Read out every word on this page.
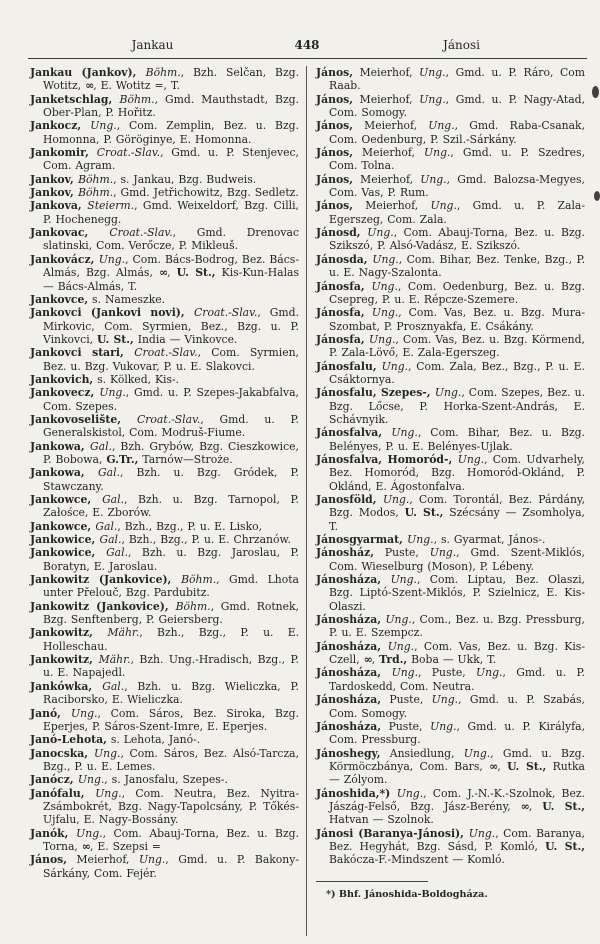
Jankau	448	Jánosi

Jankau (Jankov), Böhm., Bzh. Selčan, Bzg. Wotitz, ∞, E. Wotitz =, T.

Janketschlag, Böhm., Gmd. Mauthstadt, Bzg. Ober-Plan, P. Hořitz.

Jankocz, Ung., Com. Zemplin, Bez. u. Bzg. Homonna, P. Göröginye, E. Homonna.

Jankomir, Croat.-Slav., Gmd. u. P. Stenjevec, Com. Agram.

Jankov, Böhm., s. Jankau, Bzg. Budweis.

Jankov, Böhm., Gmd. Jetřichowitz, Bzg. Sedletz.

Jankova, Steierm., Gmd. Weixeldorf, Bzg. Cilli, P. Hochenegg.

Jankovac, Croat.-Slav., Gmd. Drenovac slatinski, Com. Verőcze, P. Mikleuš.

Jankovácz, Ung., Com. Bács-Bodrog, Bez. Bács-Almás, Bzg. Almás, ∞, U. St., Kis-Kun-Halas — Bács-Almás, T.

Jankovce, s. Nameszke.

Jankovci (Jankovi novi), Croat.-Slav., Gmd. Mirkovic, Com. Syrmien, Bez., Bzg. u. P. Vinkovci, U. St., India — Vinkovce.

Jankovci stari, Croat.-Slav., Com. Syrmien, Bez. u. Bzg. Vukovar, P. u. E. Slakovci.

Jankovich, s. Kölked, Kis-.

Jankovecz, Ung., Gmd. u. P. Szepes-Jakabfalva, Com. Szepes.

Jankovoselište, Croat.-Slav., Gmd. u. P. Generalskistol, Com. Modruš-Fiume.

Jankowa, Gal., Bzh. Grybów, Bzg. Cieszkowice, P. Bobowa, G.Tr., Tarnów—Stroże.

Jankowa, Gal., Bzh. u. Bzg. Gródek, P. Stawczany.

Jankowce, Gal., Bzh. u. Bzg. Tarnopol, P. Załośce, E. Zborów.

Jankowce, Gal., Bzh., Bzg., P. u. E. Lisko,

Jankowice, Gal., Bzh., Bzg., P. u. E. Chrzanów.

Jankowice, Gal., Bzh. u. Bzg. Jaroslau, P. Boratyn, E. Jaroslau.

Jankowitz (Jankovice), Böhm., Gmd. Lhota unter Přelouč, Bzg. Pardubitz.

Jankowitz (Jankovice), Böhm., Gmd. Rotnek, Bzg. Senftenberg, P. Geiersberg.

Jankowitz, Mähr., Bzh., Bzg., P. u. E. Holleschau.

Jankowitz, Mähr., Bzh. Ung.-Hradisch, Bzg., P. u. E. Napajedl.

Jankówka, Gal., Bzh. u. Bzg. Wieliczka, P. Raciborsko, E. Wieliczka.

Janó, Ung., Com. Sáros, Bez. Siroka, Bzg. Eperjes, P. Sáros-Szent-Imre, E. Eperjes.

Janó-Lehota, s. Lehota, Janó-.

Janocska, Ung., Com. Sáros, Bez. Alsó-Tarcza, Bzg., P. u. E. Lemes.

Janócz, Ung., s. Janosfalu, Szepes-.

Janófalu, Ung., Com. Neutra, Bez. Nyitra-Zsámbokrét, Bzg. Nagy-Tapolcsány, P. Tőkés-Ujfalu, E. Nagy-Bossány.

Janók, Ung., Com. Abauj-Torna, Bez. u. Bzg. Torna, ∞, E. Szepsi =

János, Meierhof, Ung., Gmd. u. P. Bakony-Sárkány, Com. Fejér.

János, Meierhof, Ung., Gmd. u. P. Ráro, Com Raab.

János, Meierhof, Ung., Gmd. u. P. Nagy-Atad, Com. Somogy.

János, Meierhof, Ung., Gmd. Raba-Csanak, Com. Oedenburg, P. Szil.-Sárkány.

János, Meierhof, Ung., Gmd. u. P. Szedres, Com. Tolna.

János, Meierhof, Ung., Gmd. Balozsa-Megyes, Com. Vas, P. Rum.

János, Meierhof, Ung., Gmd. u. P. Zala-Egerszeg, Com. Zala.

Jánosd, Ung., Com. Abauj-Torna, Bez. u. Bzg. Szikszó, P. Alsó-Vadász, E. Szikszó.

Jánosda, Ung., Com. Bihar, Bez. Tenke, Bzg., P. u. E. Nagy-Szalonta.

Jánosfa, Ung., Com. Oedenburg, Bez. u. Bzg. Csepreg, P. u. E. Répcze-Szemere.

Jánosfa, Ung., Com. Vas, Bez. u. Bzg. Mura-Szombat, P. Prosznyakfa, E. Csákány.

Jánosfa, Ung., Com. Vas, Bez. u. Bzg. Körmend, P. Zala-Lövő, E. Zala-Egerszeg.

Jánosfalu, Ung., Com. Zala, Bez., Bzg., P. u. E. Csáktornya.

Jánosfalu, Szepes-, Ung., Com. Szepes, Bez. u. Bzg. Lőcse, P. Horka-Szent-András, E. Schávnyik.

Jánosfalva, Ung., Com. Bihar, Bez. u. Bzg. Belényes, P. u. E. Belényes-Ujlak.

Jánosfalva, Homoród-, Ung., Com. Udvarhely, Bez. Homoród, Bzg. Homoród-Oklánd, P. Oklánd, E. Ágostonfalva.

Janosföld, Ung., Com. Torontál, Bez. Párdány, Bzg. Modos, U. St., Szécsány — Zsomholya, T.

Jánosgyarmat, Ung., s. Gyarmat, János-.

Jánosház, Puste, Ung., Gmd. Szent-Miklós, Com. Wieselburg (Moson), P. Lébeny.

Jánosháza, Ung., Com. Liptau, Bez. Olaszi, Bzg. Liptó-Szent-Miklós, P. Szielnicz, E. Kis-Olaszi.

Jánosháza, Ung., Com., Bez. u. Bzg. Pressburg, P. u. E. Szempcz.

Jánosháza, Ung., Com. Vas, Bez. u. Bzg. Kis-Czell, ∞, Trd., Boba — Ukk, T.

Jánosháza, Ung., Puste, Ung., Gmd. u. P. Tardoskedd, Com. Neutra.

Jánosháza, Puste, Ung., Gmd. u. P. Szabás, Com. Somogy.

Jánosháza, Puste, Ung., Gmd. u. P. Királyfa, Com. Pressburg.

Jánoshegy, Ansiedlung, Ung., Gmd. u. Bzg. Körmöczbánya, Com. Bars, ∞, U. St., Rutka — Zólyom.

Jánoshida,*) Ung., Com. J.-N.-K.-Szolnok, Bez. Jászág-Felső, Bzg. Jász-Berény, ∞, U. St., Hatvan — Szolnok.

Jánosi (Baranya-Jánosi), Ung., Com. Baranya, Bez. Hegyhát, Bzg. Sásd, P. Komló, U. St., Bakócza-F.-Mindszent — Komló.

*) Bhf. Jánoshida-Boldogháza.
